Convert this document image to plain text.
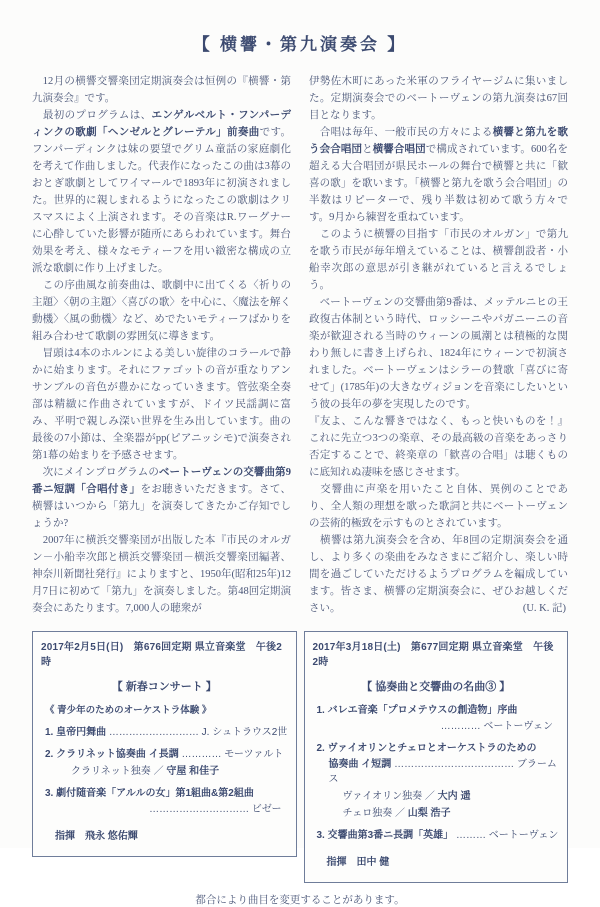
【 横響・第九演奏会 】

　12月の横響交響楽団定期演奏会は恒例の『横響・第九演奏会』です。

　最初のプログラムは、エンゲルベルト・フンパーディンクの歌劇「ヘンゼルとグレーテル」前奏曲です。フンパーディンクは妹の要望でグリム童話の家庭劇化を考えて作曲しました。代表作になったこの曲は3幕のおとぎ歌劇としてワイマールで1893年に初演されました。世界的に親しまれるようになったこの歌劇はクリスマスによく上演されます。その音楽はR.ワーグナーに心酔していた影響が随所にあらわれています。舞台効果を考え、様々なモティーフを用い緻密な構成の立派な歌劇に作り上げました。

　この序曲風な前奏曲は、歌劇中に出てくる〈祈りの主題〉〈朝の主題〉〈喜びの歌〉を中心に、〈魔法を解く動機〉〈風の動機〉など、めでたいモティーフばかりを組み合わせて歌劇の雰囲気に導きます。

　冒頭は4本のホルンによる美しい旋律のコラールで静かに始まります。それにファゴットの音が重なりアンサンブルの音色が豊かになっていきます。管弦楽全奏部は精緻に作曲されていますが、ドイツ民謡調に富み、平明で親しみ深い世界を生み出しています。曲の最後の7小節は、全楽器がpp(ピアニッシモ)で演奏され第1幕の始まりを予感させます。

　次にメインプログラムのベートーヴェンの交響曲第9番ニ短調「合唱付き」をお聴きいただきます。さて、横響はいつから「第九」を演奏してきたかご存知でしょうか?

　2007年に横浜交響楽団が出版した本『市民のオルガン－小船幸次郎と横浜交響楽団－横浜交響楽団編著、神奈川新聞社発行』によりますと、1950年(昭和25年)12月7日に初めて「第九」を演奏しました。第48回定期演奏会にあたります。7,000人の聴衆が

伊勢佐木町にあった米軍のフライヤージムに集いました。定期演奏会でのベートーヴェンの第九演奏は67回目となります。

　合唱は毎年、一般市民の方々による横響と第九を歌う会合唱団と横響合唱団で構成されています。600名を超える大合唱団が県民ホールの舞台で横響と共に「歓喜の歌」を歌います。「横響と第九を歌う会合唱団」の半数はリピーターで、残り半数は初めて歌う方々です。9月から練習を重ねています。

　このように横響の目指す「市民のオルガン」で第九を歌う市民が毎年増えていることは、横響創設者・小船幸次郎の意思が引き継がれていると言えるでしょう。

　ベートーヴェンの交響曲第9番は、メッテルニヒの王政復古体制という時代、ロッシーニやパガニーニの音楽が歓迎される当時のウィーンの風潮とは積極的な関わり無しに書き上げられ、1824年にウィーンで初演されました。ベートーヴェンはシラーの賛歌「喜びに寄せて」(1785年)の大きなヴィジョンを音楽にしたいという彼の長年の夢を実現したのです。

『友よ、こんな響きではなく、もっと快いものを！』これに先立つ3つの楽章、その最高級の音楽をあっさり否定することで、終楽章の「歓喜の合唱」は聴くものに底知れぬ凄味を感じさせます。

　交響曲に声楽を用いたこと自体、異例のことであり、全人類の理想を歌った歌詞と共にベートーヴェンの芸術的極致を示すものとされています。

　横響は第九演奏会を含め、年8回の定期演奏会を通し、より多くの楽曲をみなさまにご紹介し、楽しい時間を過ごしていただけるようプログラムを編成しています。皆さま、横響の定期演奏会に、ぜひお越しください。	(U. K. 記)
2017年2月5日(日)　第676回定期 県立音楽堂　午後2時
【 新春コンサート 】
《 青少年のためのオーケストラ体験 》
1. 皇帝円舞曲 ……………………… J. シュトラウス2世
2. クラリネット協奏曲 イ長調 ………… モーツァルト
クラリネット独奏 ／ 守屋 和佳子
3. 劇付随音楽「アルルの女」第1組曲&第2組曲
………………………… ビゼー
指揮　飛永 悠佑輝
2017年3月18日(土)　第677回定期 県立音楽堂　午後2時
【 協奏曲と交響曲の名曲③ 】
1. バレエ音楽「プロメテウスの創造物」序曲
………… ベートーヴェン
2. ヴァイオリンとチェロとオーケストラのための
協奏曲 イ短調 ……………………………… ブラームス
ヴァイオリン独奏 ／ 大内 遥
チェロ独奏 ／ 山梨 浩子
3. 交響曲第3番ニ長調「英雄」 ……… ベートーヴェン
指揮　田中 健
都合により曲目を変更することがあります。
